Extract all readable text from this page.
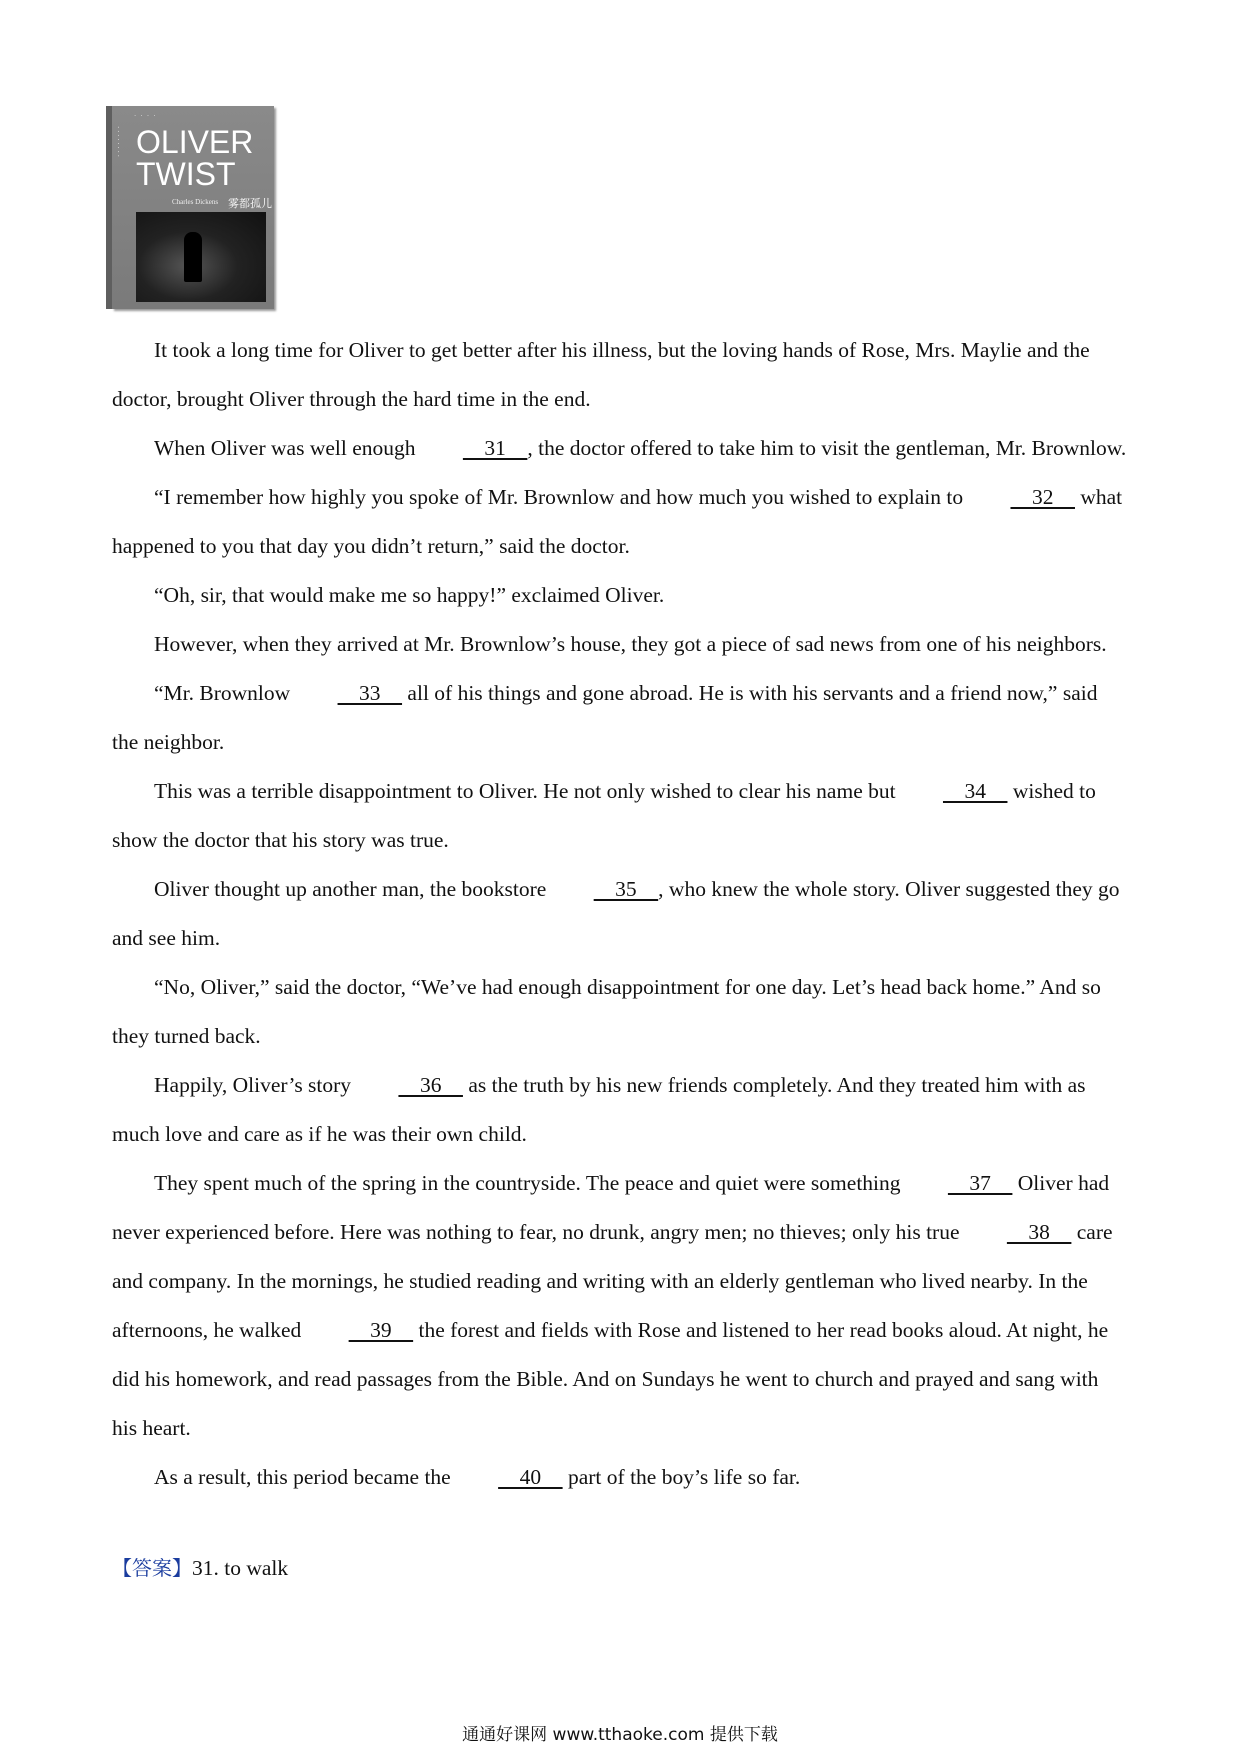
· · · ·
· · · · · · · · OLIVER
TWIST
Charles Dickens 雾都孤儿

It took a long time for Oliver to get better after his illness, but the loving hands of Rose, Mrs. Maylie and the doctor, brought Oliver through the hard time in the end.

When Oliver was well enough     31    , the doctor offered to take him to visit the gentleman, Mr. Brownlow.

“I remember how highly you spoke of Mr. Brownlow and how much you wished to explain to     32     what happened to you that day you didn’t return,” said the doctor.

“Oh, sir, that would make me so happy!” exclaimed Oliver.

However, when they arrived at Mr. Brownlow’s house, they got a piece of sad news from one of his neighbors.

“Mr. Brownlow     33     all of his things and gone abroad. He is with his servants and a friend now,” said the neighbor.

This was a terrible disappointment to Oliver. He not only wished to clear his name but     34     wished to show the doctor that his story was true.

Oliver thought up another man, the bookstore     35    , who knew the whole story. Oliver suggested they go and see him.

“No, Oliver,” said the doctor, “We’ve had enough disappointment for one day. Let’s head back home.” And so they turned back.

Happily, Oliver’s story     36     as the truth by his new friends completely. And they treated him with as much love and care as if he was their own child.

They spent much of the spring in the countryside. The peace and quiet were something     37     Oliver had never experienced before. Here was nothing to fear, no drunk, angry men; no thieves; only his true     38     care and company. In the mornings, he studied reading and writing with an elderly gentleman who lived nearby. In the afternoons, he walked     39     the forest and fields with Rose and listened to her read books aloud. At night, he did his homework, and read passages from the Bible. And on Sundays he went to church and prayed and sang with his heart.

As a result, this period became the     40     part of the boy’s life so far.

【答案】31. to walk
通通好课网 www.tthaoke.com 提供下载
